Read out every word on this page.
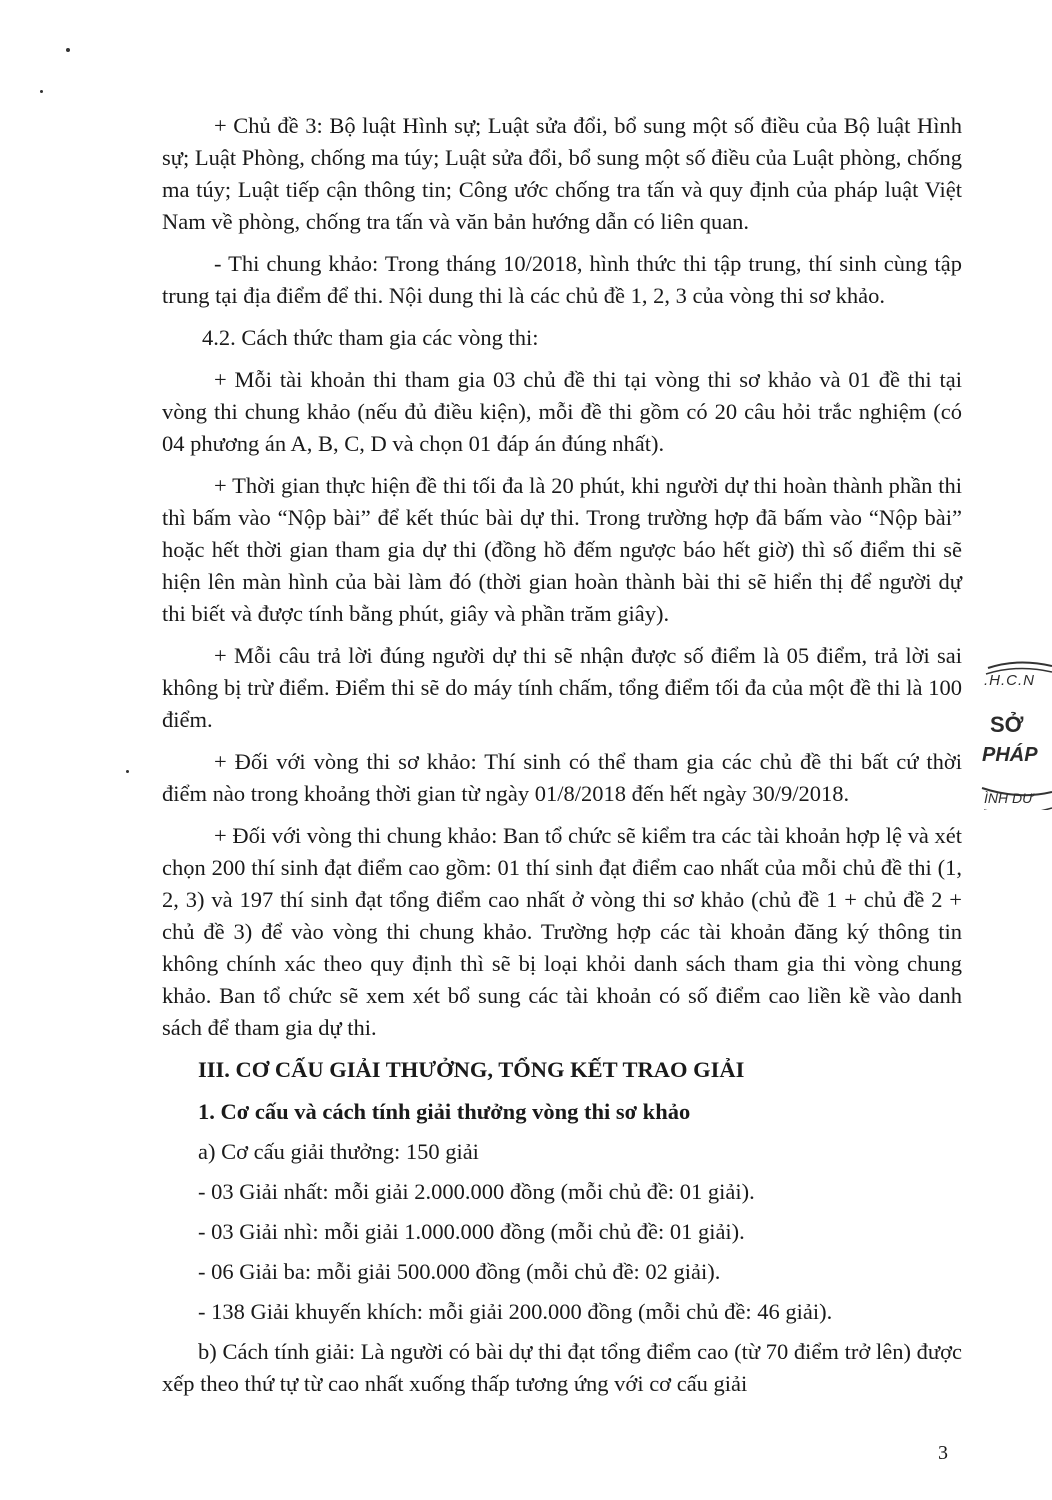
+ Chủ đề 3: Bộ luật Hình sự; Luật sửa đổi, bổ sung một số điều của Bộ luật Hình sự; Luật Phòng, chống ma túy; Luật sửa đổi, bổ sung một số điều của Luật phòng, chống ma túy; Luật tiếp cận thông tin; Công ước chống tra tấn và quy định của pháp luật Việt Nam về phòng, chống tra tấn và văn bản hướng dẫn có liên quan.

- Thi chung khảo: Trong tháng 10/2018, hình thức thi tập trung, thí sinh cùng tập trung tại địa điểm để thi. Nội dung thi là các chủ đề 1, 2, 3 của vòng thi sơ khảo.

4.2. Cách thức tham gia các vòng thi:

+ Mỗi tài khoản thi tham gia 03 chủ đề thi tại vòng thi sơ khảo và 01 đề thi tại vòng thi chung khảo (nếu đủ điều kiện), mỗi đề thi gồm có 20 câu hỏi trắc nghiệm (có 04 phương án A, B, C, D và chọn 01 đáp án đúng nhất).

+ Thời gian thực hiện đề thi tối đa là 20 phút, khi người dự thi hoàn thành phần thi thì bấm vào “Nộp bài” để kết thúc bài dự thi. Trong trường hợp đã bấm vào “Nộp bài” hoặc hết thời gian tham gia dự thi (đồng hồ đếm ngược báo hết giờ) thì số điểm thi sẽ hiện lên màn hình của bài làm đó (thời gian hoàn thành bài thi sẽ hiển thị để người dự thi biết và được tính bằng phút, giây và phần trăm giây).

+ Mỗi câu trả lời đúng người dự thi sẽ nhận được số điểm là 05 điểm, trả lời sai không bị trừ điểm. Điểm thi sẽ do máy tính chấm, tổng điểm tối đa của một đề thi là 100 điểm.

+ Đối với vòng thi sơ khảo: Thí sinh có thể tham gia các chủ đề thi bất cứ thời điểm nào trong khoảng thời gian từ ngày 01/8/2018 đến hết ngày 30/9/2018.

+ Đối với vòng thi chung khảo: Ban tổ chức sẽ kiểm tra các tài khoản hợp lệ và xét chọn 200 thí sinh đạt điểm cao gồm: 01 thí sinh đạt điểm cao nhất của mỗi chủ đề thi (1, 2, 3) và 197 thí sinh đạt tổng điểm cao nhất ở vòng thi sơ khảo (chủ đề 1 + chủ đề 2 + chủ đề 3) để vào vòng thi chung khảo. Trường hợp các tài khoản đăng ký thông tin không chính xác theo quy định thì sẽ bị loại khỏi danh sách tham gia thi vòng chung khảo. Ban tổ chức sẽ xem xét bổ sung các tài khoản có số điểm cao liền kề vào danh sách để tham gia dự thi.

III. CƠ CẤU GIẢI THƯỞNG, TỔNG KẾT TRAO GIẢI

1. Cơ cấu và cách tính giải thưởng vòng thi sơ khảo

a) Cơ cấu giải thưởng: 150 giải

- 03 Giải nhất: mỗi giải 2.000.000 đồng (mỗi chủ đề: 01 giải).

- 03 Giải nhì: mỗi giải 1.000.000 đồng (mỗi chủ đề: 01 giải).

- 06 Giải ba: mỗi giải 500.000 đồng (mỗi chủ đề: 02 giải).

- 138 Giải khuyến khích: mỗi giải 200.000 đồng (mỗi chủ đề: 46 giải).

b) Cách tính giải: Là người có bài dự thi đạt tổng điểm cao (từ 70 điểm trở lên) được xếp theo thứ tự từ cao nhất xuống thấp tương ứng với cơ cấu giải

.H.C.N
SỞ
PHÁP
ÌNH DƯ
3
